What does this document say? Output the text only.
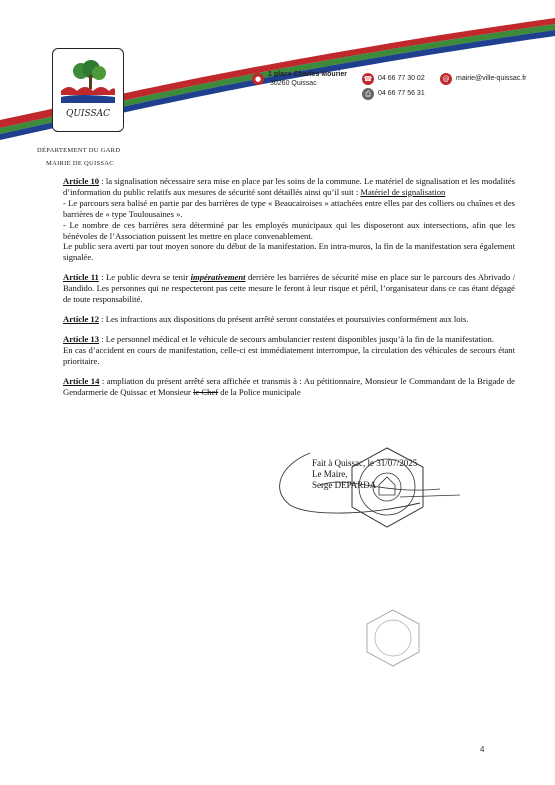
QUISSAC
●
1 place Charles Mourier
30260 Quissac
☎ 04 66 77 30 02
⎙	04 66 77 56 31
@ mairie@ville-quissac.fr
DÉPARTEMENT DU GARD
MAIRIE DE QUISSAC

Article 10 : la signalisation nécessaire sera mise en place par les soins de la commune. Le matériel de signalisation et les modalités d’information du public relatifs aux mesures de sécurité sont détaillés ainsi qu’il suit : Matériel de signalisation

- Le parcours sera balisé en partie par des barrières de type « Beaucairoises » attachées entre elles par des colliers ou chaînes et des barrières de « type Toulousaines ».

- Le nombre de ces barrières sera déterminé par les employés municipaux qui les disposeront aux intersections, afin que les bénévoles de l’Association puissent les mettre en place convenablement.

Le public sera averti par tout moyen sonore du début de la manifestation. En intra-muros, la fin de la manifestation sera également signalée.

Article 11 : Le public devra se tenir impérativement derrière les barrières de sécurité mise en place sur le parcours des Abrivado / Bandido. Les personnes qui ne respecteront pas cette mesure le feront à leur risque et péril, l’organisateur dans ce cas étant dégagé de toute responsabilité.

Article 12 : Les infractions aux dispositions du présent arrêté seront constatées et poursuivies conformément aux lois.

Article 13 : Le personnel médical et le véhicule de secours ambulancier restent disponibles jusqu’à la fin de la manifestation.

En cas d’accident en cours de manifestation, celle-ci est immédiatement interrompue, la circulation des véhicules de secours étant prioritaire.

Article 14 : ampliation du présent arrêté sera affichée et transmis à : Au pétitionnaire, Monsieur le Commandant de la Brigade de Gendarmerie de Quissac et Monsieur le Chef de la Police municipale

Fait à Quissac, le 31/07/2025
Le Maire,
Serge DEPARDA
4
